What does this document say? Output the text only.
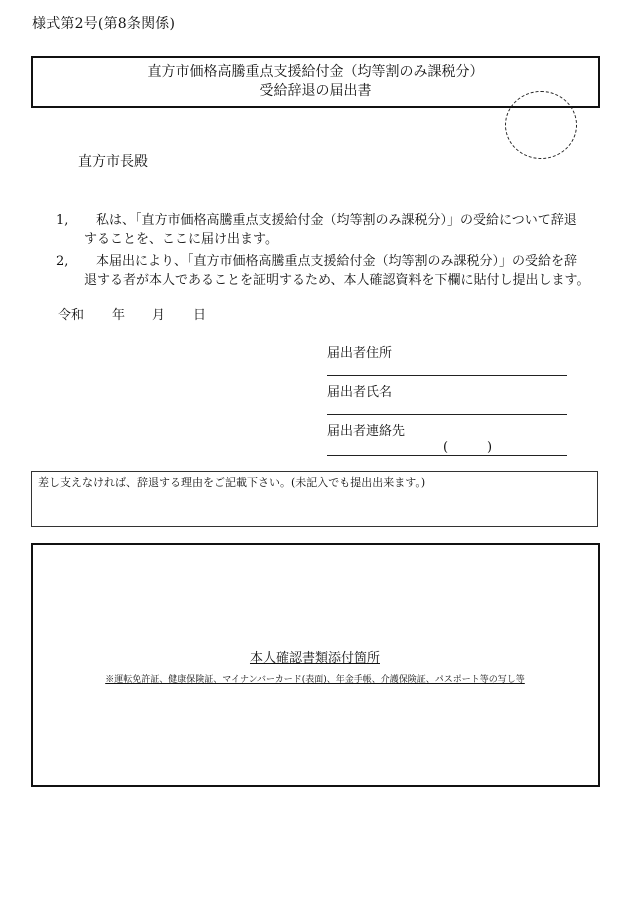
様式第2号(第8条関係)
直方市価格高騰重点支援給付金（均等割のみ課税分）
受給辞退の届出書
直方市長殿
1, 私は、「直方市価格高騰重点支援給付金（均等割のみ課税分）」の受給について辞退
することを、ここに届け出ます。
2, 本届出により、「直方市価格高騰重点支援給付金（均等割のみ課税分）」の受給を辞
退する者が本人であることを証明するため、本人確認資料を下欄に貼付し提出します。
令和 年 月 日
届出者住所
届出者氏名
届出者連絡先
(	)
差し支えなければ、辞退する理由をご記載下さい。(未記入でも提出出来ます。)
本人確認書類添付箇所
※運転免許証、健康保険証、マイナンバーカード(表面)、年金手帳、介護保険証、パスポート等の写し等
